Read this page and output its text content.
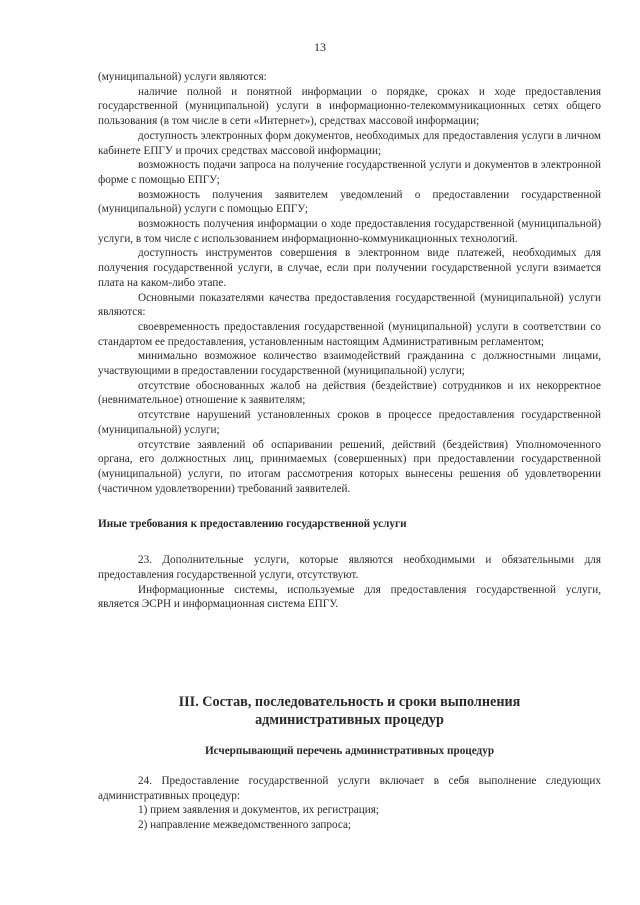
13

(муниципальной) услуги являются:

наличие полной и понятной информации о порядке, сроках и ходе предоставления государственной (муниципальной) услуги в информационно-телекоммуникационных сетях общего пользования (в том числе в сети «Интернет»), средствах массовой информации;

доступность электронных форм документов, необходимых для предоставления услуги в личном кабинете ЕПГУ и прочих средствах массовой информации;

возможность подачи запроса на получение государственной услуги и документов в электронной форме с помощью ЕПГУ;

возможность получения заявителем уведомлений о предоставлении государственной (муниципальной) услуги с помощью ЕПГУ;

возможность получения информации о ходе предоставления государственной (муниципальной) услуги, в том числе с использованием информационно-коммуникационных технологий.

доступность инструментов совершения в электронном виде платежей, необходимых для получения государственной услуги, в случае, если при получении государственной услуги взимается плата на каком-либо этапе.

Основными показателями качества предоставления государственной (муниципальной) услуги являются:

своевременность предоставления государственной (муниципальной) услуги в соответствии со стандартом ее предоставления, установленным настоящим Административным регламентом;

минимально возможное количество взаимодействий гражданина с должностными лицами, участвующими в предоставлении государственной (муниципальной) услуги;

отсутствие обоснованных жалоб на действия (бездействие) сотрудников и их некорректное (невнимательное) отношение к заявителям;

отсутствие нарушений установленных сроков в процессе предоставления государственной (муниципальной) услуги;

отсутствие заявлений об оспаривании решений, действий (бездействия) Уполномоченного органа, его должностных лиц, принимаемых (совершенных) при предоставлении государственной (муниципальной) услуги, по итогам рассмотрения которых вынесены решения об удовлетворении (частичном удовлетворении) требований заявителей.

Иные требования к предоставлению государственной услуги

23. Дополнительные услуги, которые являются необходимыми и обязательными для предоставления государственной услуги, отсутствуют.

Информационные системы, используемые для предоставления государственной услуги, является ЭСРН и информационная система ЕПГУ.

III. Состав, последовательность и сроки выполнения
административных процедур
Исчерпывающий перечень административных процедур

24. Предоставление государственной услуги включает в себя выполнение следующих административных процедур:

1) прием заявления и документов, их регистрация;

2) направление межведомственного запроса;
